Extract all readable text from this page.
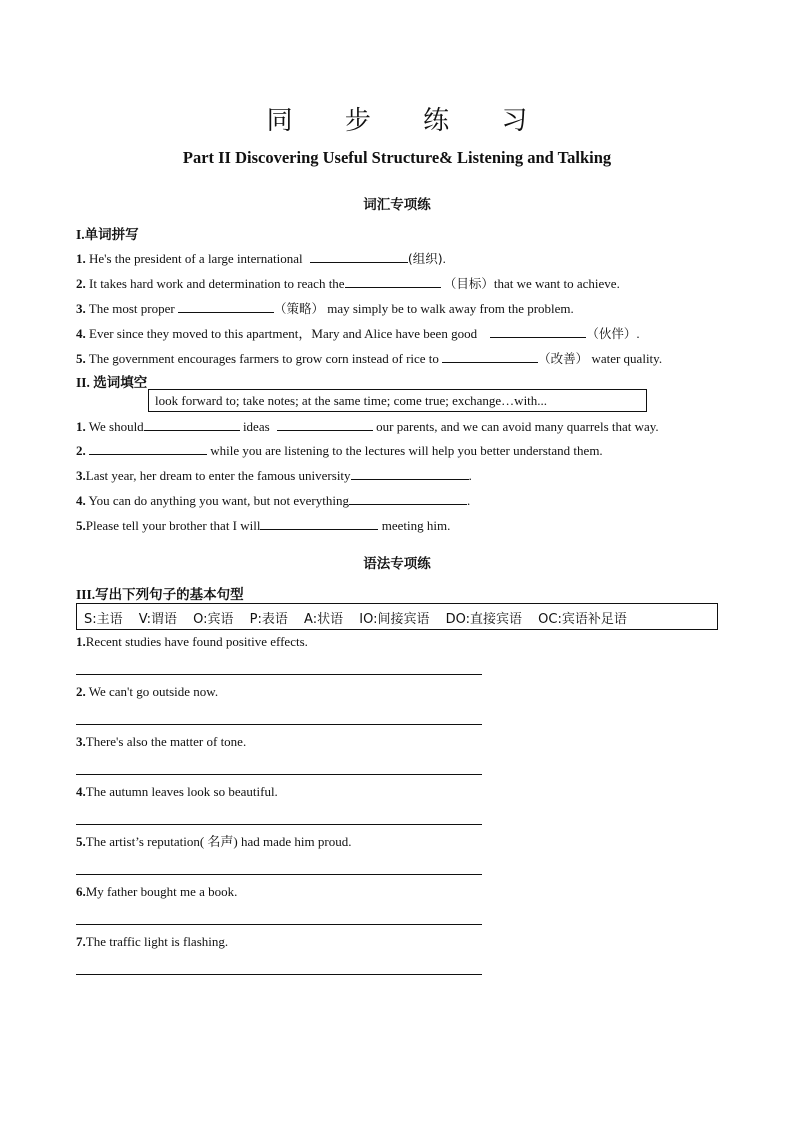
同 步 练 习
Part II Discovering Useful Structure& Listening and Talking
词汇专项练
I.单词拼写
1. He's the president of a large international	(组织).
2. It takes hard work and determination to reach the	（目标）that we want to achieve.
3. The most proper	（策略） may simply be to walk away from the problem.
4. Ever since they moved to this apartment，Mary and Alice have been good	（伙伴）.
5. The government encourages farmers to grow corn instead of rice to	（改善） water quality.
II. 选词填空
look forward to; take notes; at the same time; come true; exchange…with...
1. We should	ideas	our parents, and we can avoid many quarrels that way.
2.	while you are listening to the lectures will help you better understand them.
3.Last year, her dream to enter the famous university	.
4. You can do anything you want, but not everything	.
5.Please tell your brother that I will	meeting him.
语法专项练
III.写出下列句子的基本句型
S:主语 V:谓语 O:宾语 P:表语 A:状语 IO:间接宾语 DO:直接宾语 OC:宾语补足语
1.Recent studies have found positive effects.
2. We can't go outside now.
3.There's also the matter of tone.
4.The autumn leaves look so beautiful.
5.The artist’s reputation( 名声) had made him proud.
6.My father bought me a book.
7.The traffic light is flashing.
